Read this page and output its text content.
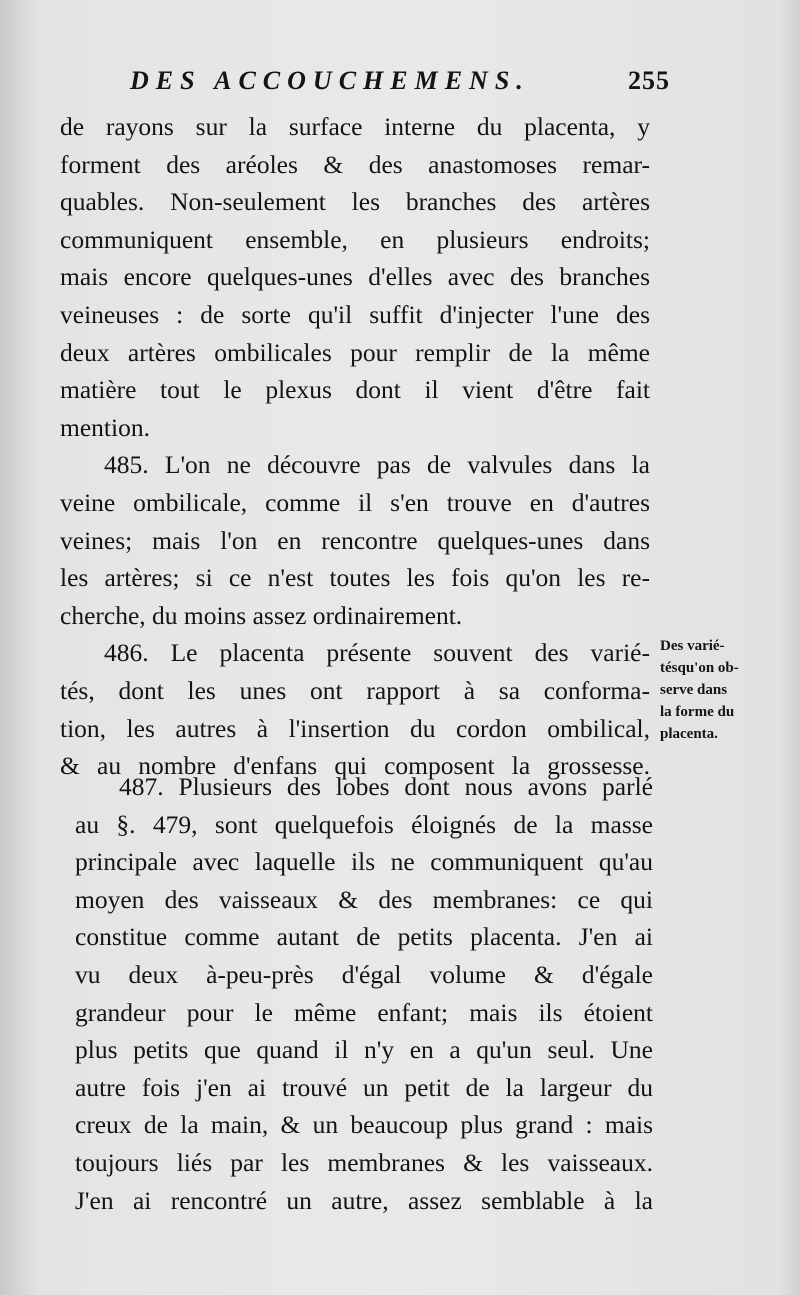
DES ACCOUCHEMENS.	255
de rayons sur la surface interne du placenta, y
forment des aréoles & des anastomoses remar-
quables. Non-seulement les branches des artères
communiquent ensemble, en plusieurs endroits;
mais encore quelques-unes d'elles avec des branches
veineuses : de sorte qu'il suffit d'injecter l'une des
deux artères ombilicales pour remplir de la même
matière tout le plexus dont il vient d'être fait
mention.
485. L'on ne découvre pas de valvules dans la
veine ombilicale, comme il s'en trouve en d'autres
veines; mais l'on en rencontre quelques-unes dans
les artères; si ce n'est toutes les fois qu'on les re-
cherche, du moins assez ordinairement.
486. Le placenta présente souvent des varié-
tés, dont les unes ont rapport à sa conforma-
tion, les autres à l'insertion du cordon ombilical,
& au nombre d'enfans qui composent la grossesse.
Des varié-
tésqu'on ob-
serve dans
la forme du
placenta.
487. Plusieurs des lobes dont nous avons parlé
au §. 479, sont quelquefois éloignés de la masse
principale avec laquelle ils ne communiquent qu'au
moyen des vaisseaux & des membranes: ce qui
constitue comme autant de petits placenta. J'en ai
vu deux à-peu-près d'égal volume & d'égale
grandeur pour le même enfant; mais ils étoient
plus petits que quand il n'y en a qu'un seul. Une
autre fois j'en ai trouvé un petit de la largeur du
creux de la main, & un beaucoup plus grand : mais
toujours liés par les membranes & les vaisseaux.
J'en ai rencontré un autre, assez semblable à la
